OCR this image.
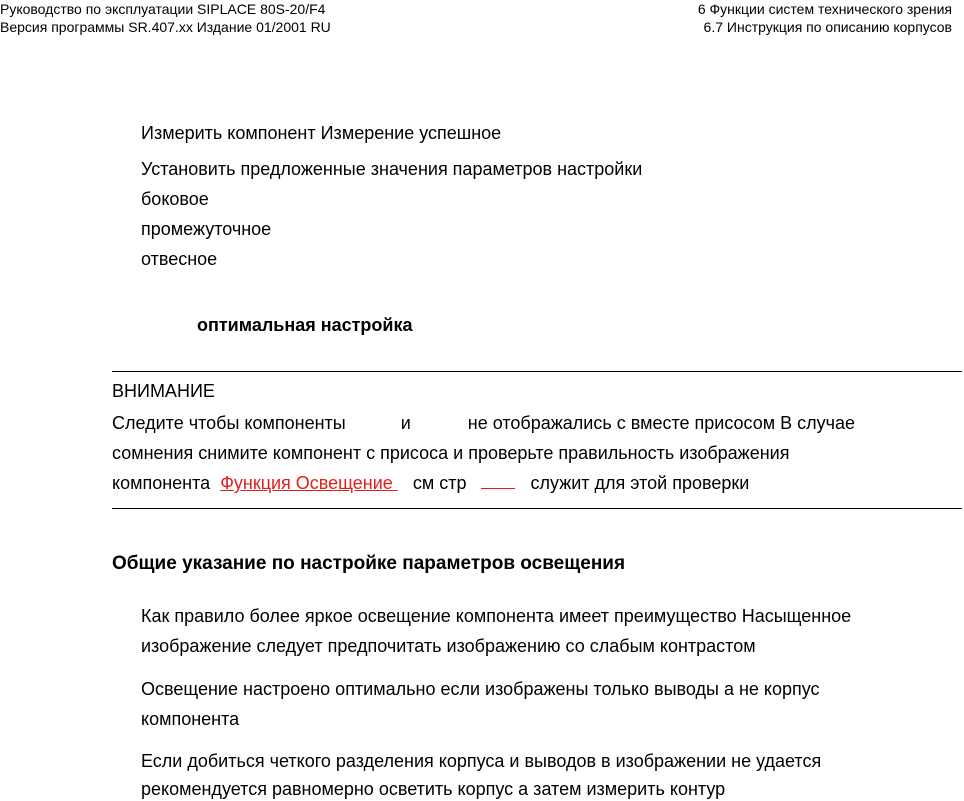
Руководство по эксплуатации SIPLACE 80S-20/F4
Версия программы SR.407.xx Издание 01/2001 RU
6 Функции систем технического зрения
6.7 Инструкция по описанию корпусов
Измерить компонент Измерение успешное
Установить предложенные значения параметров настройки
боковое
промежуточное
отвесное
оптимальная настройка
ВНИМАНИЕ
Следите чтобы компоненты	и	не отображались с вместе присосом В случае
сомнения снимите компонент с присоса и проверьте правильность изображения
компонента Функция Освещение см стр	служит для этой проверки
Общие указание по настройке параметров освещения
Как правило более яркое освещение компонента имеет преимущество Насыщенное
изображение следует предпочитать изображению со слабым контрастом
Освещение настроено оптимально если изображены только выводы а не корпус
компонента
Если добиться четкого разделения корпуса и выводов в изображении не удается
рекомендуется равномерно осветить корпус а затем измерить контур
